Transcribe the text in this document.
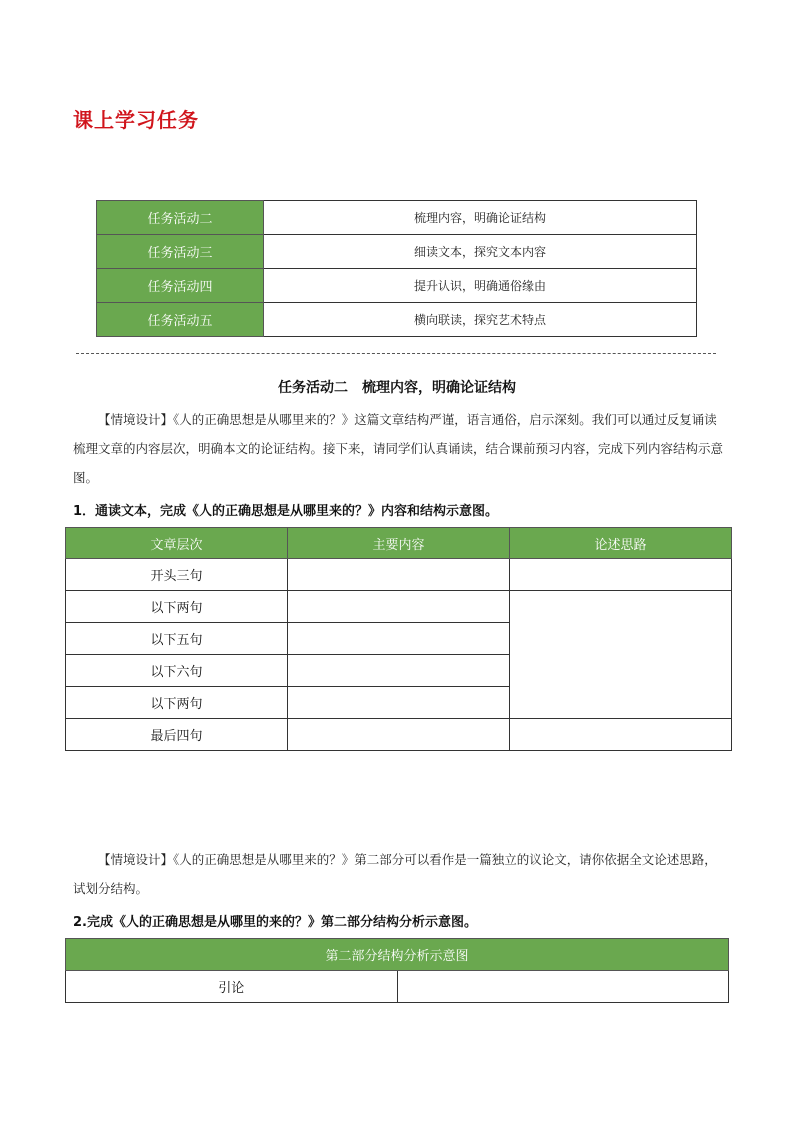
课上学习任务
任务活动二	梳理内容，明确论证结构
任务活动三	细读文本，探究文本内容
任务活动四	提升认识，明确通俗缘由
任务活动五	横向联读，探究艺术特点
任务活动二　梳理内容，明确论证结构
【情境设计】《人的正确思想是从哪里来的？》这篇文章结构严谨，语言通俗，启示深刻。我们可以通过反复诵读梳理文章的内容层次，明确本文的论证结构。接下来，请同学们认真诵读，结合课前预习内容，完成下列内容结构示意图。
1．通读文本，完成《人的正确思想是从哪里来的？》内容和结构示意图。
文章层次	主要内容	论述思路
开头三句		
以下两句		
以下五句		
以下六句		
以下两句		
最后四句		
【情境设计】《人的正确思想是从哪里来的？》第二部分可以看作是一篇独立的议论文，请你依据全文论述思路，试划分结构。
2.完成《人的正确思想是从哪里的来的？》第二部分结构分析示意图。
第二部分结构分析示意图
引论	
